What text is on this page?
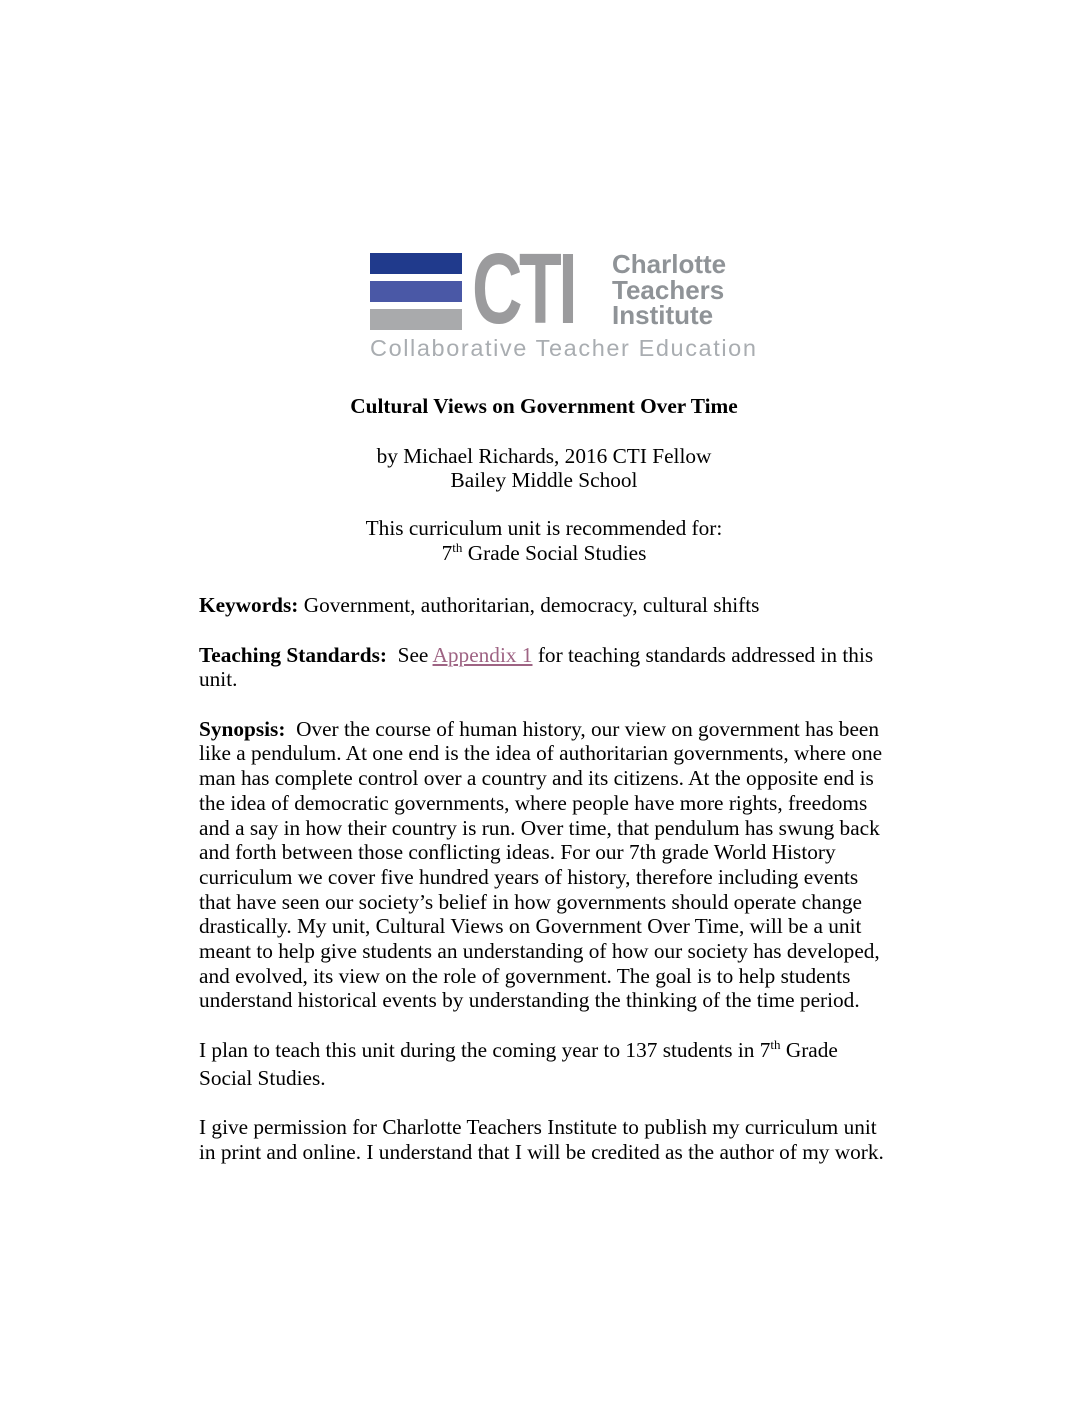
CTI	Charlotte
Teachers
Institute
Collaborative Teacher Education
Cultural Views on Government Over Time
by Michael Richards, 2016 CTI Fellow
Bailey Middle School
This curriculum unit is recommended for:
7th Grade Social Studies

Keywords: Government, authoritarian, democracy, cultural shifts

Teaching Standards:  See Appendix 1 for teaching standards addressed in this unit.

Synopsis:  Over the course of human history, our view on government has been like a pendulum. At one end is the idea of authoritarian governments, where one man has complete control over a country and its citizens. At the opposite end is the idea of democratic governments, where people have more rights, freedoms and a say in how their country is run. Over time, that pendulum has swung back and forth between those conflicting ideas. For our 7th grade World History curriculum we cover five hundred years of history, therefore including events that have seen our society’s belief in how governments should operate change drastically. My unit, Cultural Views on Government Over Time, will be a unit meant to help give students an understanding of how our society has developed, and evolved, its view on the role of government. The goal is to help students understand historical events by understanding the thinking of the time period.

I plan to teach this unit during the coming year to 137 students in 7th Grade Social Studies.

I give permission for Charlotte Teachers Institute to publish my curriculum unit in print and online. I understand that I will be credited as the author of my work.
